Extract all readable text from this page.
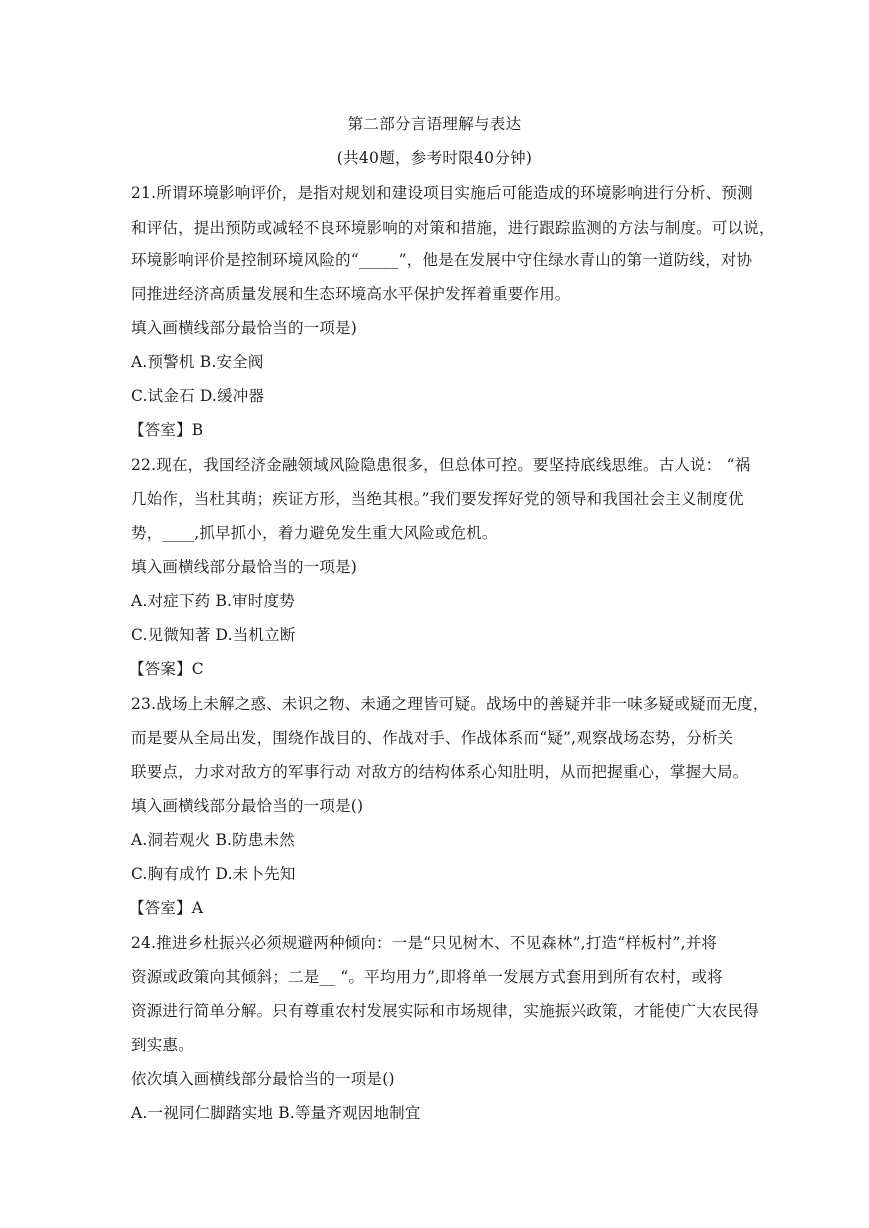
第二部分言语理解与表达
(共40题，参考时限40分钟)
21.所谓环境影响评价，是指对规划和建设项目实施后可能造成的环境影响进行分析、预测
和评估，提出预防或减轻不良环境影响的对策和措施，进行跟踪监测的方法与制度。可以说，
环境影响评价是控制环境风险的“_____”，他是在发展中守住绿水青山的第一道防线，对协
同推进经济高质量发展和生态环境高水平保护发挥着重要作用。
填入画横线部分最恰当的一项是)
A.预警机 B.安全阀
C.试金石 D.缓冲器
【答室】B
22.现在，我国经济金融领域风险隐患很多，但总体可控。要坚持底线思维。古人说： “祸
几始作，当杜其萌；疾证方形，当绝其根。”我们要发挥好党的领导和我国社会主义制度优
势，____,抓早抓小，着力避免发生重大风险或危机。
填入画横线部分最恰当的一项是)
A.对症下药 B.审时度势
C.见微知著 D.当机立断
【答案】C
23.战场上未解之惑、未识之物、未通之理皆可疑。战场中的善疑并非一味多疑或疑而无度，
而是要从全局出发，围绕作战目的、作战对手、作战体系而“疑”,观察战场态势，分析关
联要点，力求对敌方的军事行动 对敌方的结构体系心知肚明，从而把握重心，掌握大局。
填入画横线部分最恰当的一项是()
A.洞若观火 B.防患未然
C.胸有成竹 D.未卜先知
【答室】A
24.推进乡杜振兴必须规避两种倾向：一是“只见树木、不见森林”,打造“样板村”,并将
资源或政策向其倾斜；二是__ “。平均用力”,即将单一发展方式套用到所有农村，或将
资源进行简单分解。只有尊重农村发展实际和市场规律，实施振兴政策，才能使广大农民得
到实惠。
依次填入画横线部分最恰当的一项是()
A.一视同仁脚踏实地 B.等量齐观因地制宜
